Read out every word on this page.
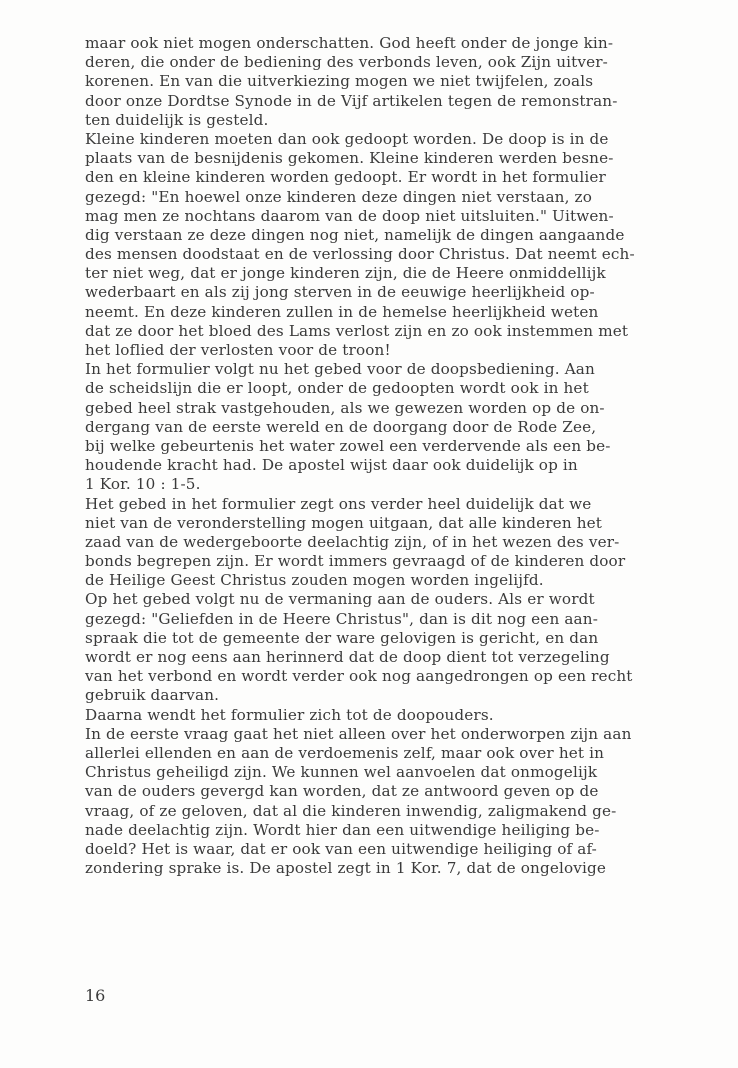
maar ook niet mogen onderschatten. God heeft onder de jonge kin-
deren, die onder de bediening des verbonds leven, ook Zijn uitver-
korenen. En van die uitverkiezing mogen we niet twijfelen, zoals
door onze Dordtse Synode in de Vijf artikelen tegen de remonstran-
ten duidelijk is gesteld.
Kleine kinderen moeten dan ook gedoopt worden. De doop is in de
plaats van de besnijdenis gekomen. Kleine kinderen werden besne-
den en kleine kinderen worden gedoopt. Er wordt in het formulier
gezegd: "En hoewel onze kinderen deze dingen niet verstaan, zo
mag men ze nochtans daarom van de doop niet uitsluiten." Uitwen-
dig verstaan ze deze dingen nog niet, namelijk de dingen aangaande
des mensen doodstaat en de verlossing door Christus. Dat neemt ech-
ter niet weg, dat er jonge kinderen zijn, die de Heere onmiddellijk
wederbaart en als zij jong sterven in de eeuwige heerlijkheid op-
neemt. En deze kinderen zullen in de hemelse heerlijkheid weten
dat ze door het bloed des Lams verlost zijn en zo ook instemmen met
het loflied der verlosten voor de troon!
In het formulier volgt nu het gebed voor de doopsbediening. Aan
de scheidslijn die er loopt, onder de gedoopten wordt ook in het
gebed heel strak vastgehouden, als we gewezen worden op de on-
dergang van de eerste wereld en de doorgang door de Rode Zee,
bij welke gebeurtenis het water zowel een verdervende als een be-
houdende kracht had. De apostel wijst daar ook duidelijk op in
1 Kor. 10 : 1-5.
Het gebed in het formulier zegt ons verder heel duidelijk dat we
niet van de veronderstelling mogen uitgaan, dat alle kinderen het
zaad van de wedergeboorte deelachtig zijn, of in het wezen des ver-
bonds begrepen zijn. Er wordt immers gevraagd of de kinderen door
de Heilige Geest Christus zouden mogen worden ingelijfd.
Op het gebed volgt nu de vermaning aan de ouders. Als er wordt
gezegd: "Geliefden in de Heere Christus", dan is dit nog een aan-
spraak die tot de gemeente der ware gelovigen is gericht, en dan
wordt er nog eens aan herinnerd dat de doop dient tot verzegeling
van het verbond en wordt verder ook nog aangedrongen op een recht
gebruik daarvan.
Daarna wendt het formulier zich tot de doopouders.
In de eerste vraag gaat het niet alleen over het onderworpen zijn aan
allerlei ellenden en aan de verdoemenis zelf, maar ook over het in
Christus geheiligd zijn. We kunnen wel aanvoelen dat onmogelijk
van de ouders gevergd kan worden, dat ze antwoord geven op de
vraag, of ze geloven, dat al die kinderen inwendig, zaligmakend ge-
nade deelachtig zijn. Wordt hier dan een uitwendige heiliging be-
doeld? Het is waar, dat er ook van een uitwendige heiliging of af-
zondering sprake is. De apostel zegt in 1 Kor. 7, dat de ongelovige
16
